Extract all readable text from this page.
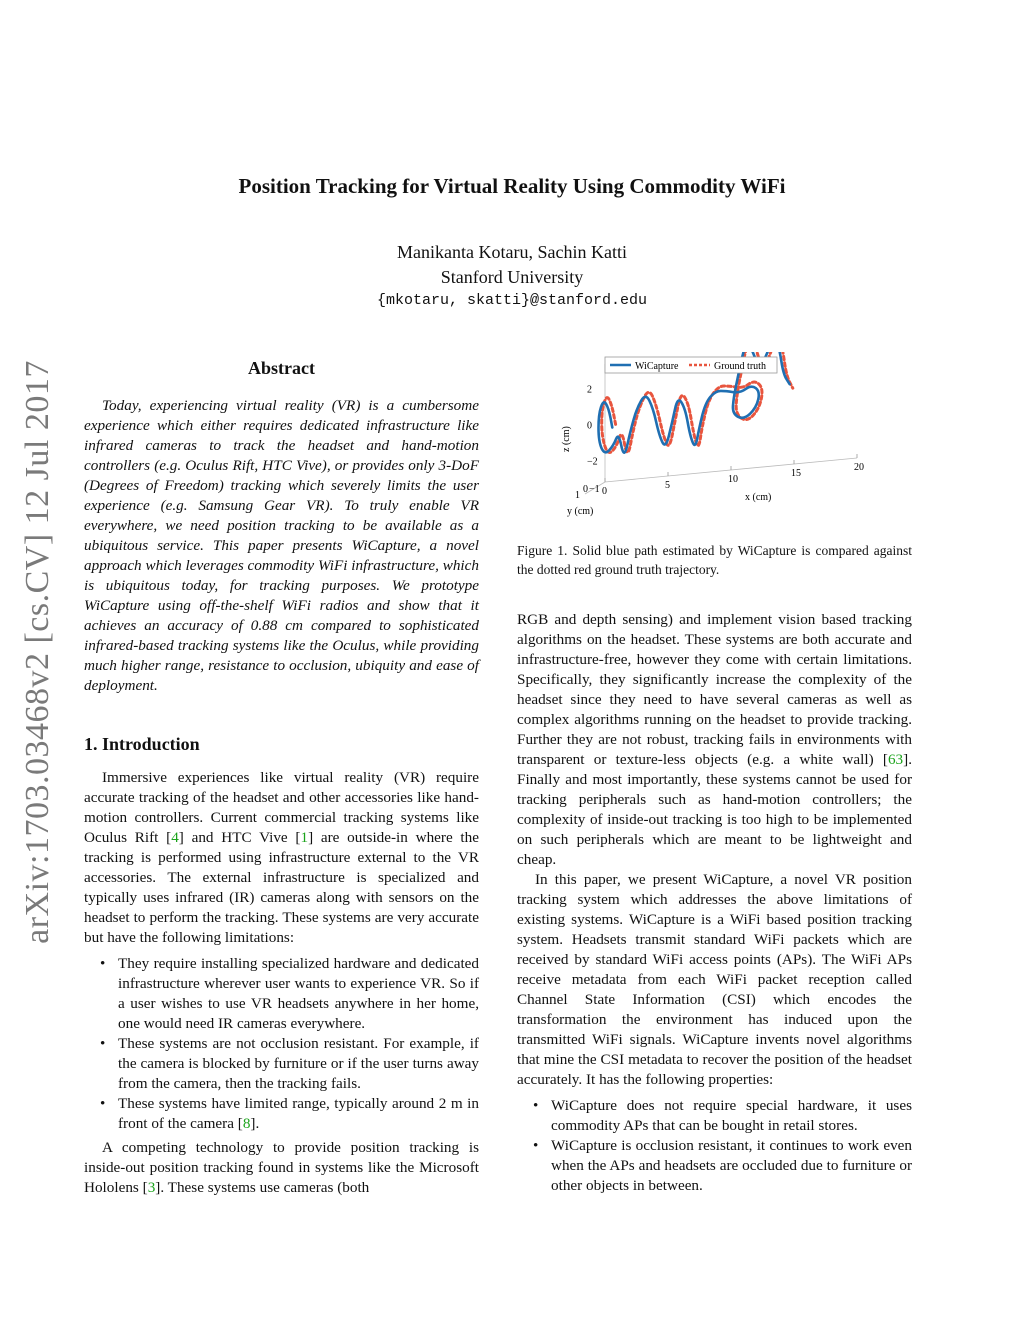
arXiv:1703.03468v2 [cs.CV] 12 Jul 2017
Position Tracking for Virtual Reality Using Commodity WiFi
Manikanta Kotaru, Sachin Katti
Stanford University
{mkotaru, skatti}@stanford.edu
Abstract

Today, experiencing virtual reality (VR) is a cumbersome experience which either requires dedicated infrastructure like infrared cameras to track the headset and hand-motion controllers (e.g. Oculus Rift, HTC Vive), or provides only 3-DoF (Degrees of Freedom) tracking which severely limits the user experience (e.g. Samsung Gear VR). To truly enable VR everywhere, we need position tracking to be available as a ubiquitous service. This paper presents WiCapture, a novel approach which leverages commodity WiFi infrastructure, which is ubiquitous today, for tracking purposes. We prototype WiCapture using off-the-shelf WiFi radios and show that it achieves an accuracy of 0.88 cm compared to sophisticated infrared-based tracking systems like the Oculus, while providing much higher range, resistance to occlusion, ubiquity and ease of deployment.

1. Introduction

Immersive experiences like virtual reality (VR) require accurate tracking of the headset and other accessories like hand-motion controllers. Current commercial tracking systems like Oculus Rift [4] and HTC Vive [1] are outside-in where the tracking is performed using infrastructure external to the VR accessories. The external infrastructure is specialized and typically uses infrared (IR) cameras along with sensors on the headset to perform the tracking. These systems are very accurate but have the following limitations:

• They require installing specialized hardware and dedicated infrastructure wherever user wants to experience VR. So if a user wishes to use VR headsets anywhere in her home, one would need IR cameras everywhere.
• These systems are not occlusion resistant. For example, if the camera is blocked by furniture or if the user turns away from the camera, then the tracking fails.
• These systems have limited range, typically around 2 m in front of the camera [8].

A competing technology to provide position tracking is inside-out position tracking found in systems like the Microsoft Hololens [3]. These systems use cameras (both

WiCapture	Ground truth
z (cm)
x (cm)
y (cm)
0
5
10
15
20
−1
0
1
2
0
−2
Figure 1. Solid blue path estimated by WiCapture is compared against the dotted red ground truth trajectory.

RGB and depth sensing) and implement vision based tracking algorithms on the headset. These systems are both accurate and infrastructure-free, however they come with certain limitations. Specifically, they significantly increase the complexity of the headset since they need to have several cameras as well as complex algorithms running on the headset to provide tracking. Further they are not robust, tracking fails in environments with transparent or texture-less objects (e.g. a white wall) [63]. Finally and most importantly, these systems cannot be used for tracking peripherals such as hand-motion controllers; the complexity of inside-out tracking is too high to be implemented on such peripherals which are meant to be lightweight and cheap.

In this paper, we present WiCapture, a novel VR position tracking system which addresses the above limitations of existing systems. WiCapture is a WiFi based position tracking system. Headsets transmit standard WiFi packets which are received by standard WiFi access points (APs). The WiFi APs receive metadata from each WiFi packet reception called Channel State Information (CSI) which encodes the transformation the environment has induced upon the transmitted WiFi signals. WiCapture invents novel algorithms that mine the CSI metadata to recover the position of the headset accurately. It has the following properties:

• WiCapture does not require special hardware, it uses commodity APs that can be bought in retail stores.
• WiCapture is occlusion resistant, it continues to work even when the APs and headsets are occluded due to furniture or other objects in between.
